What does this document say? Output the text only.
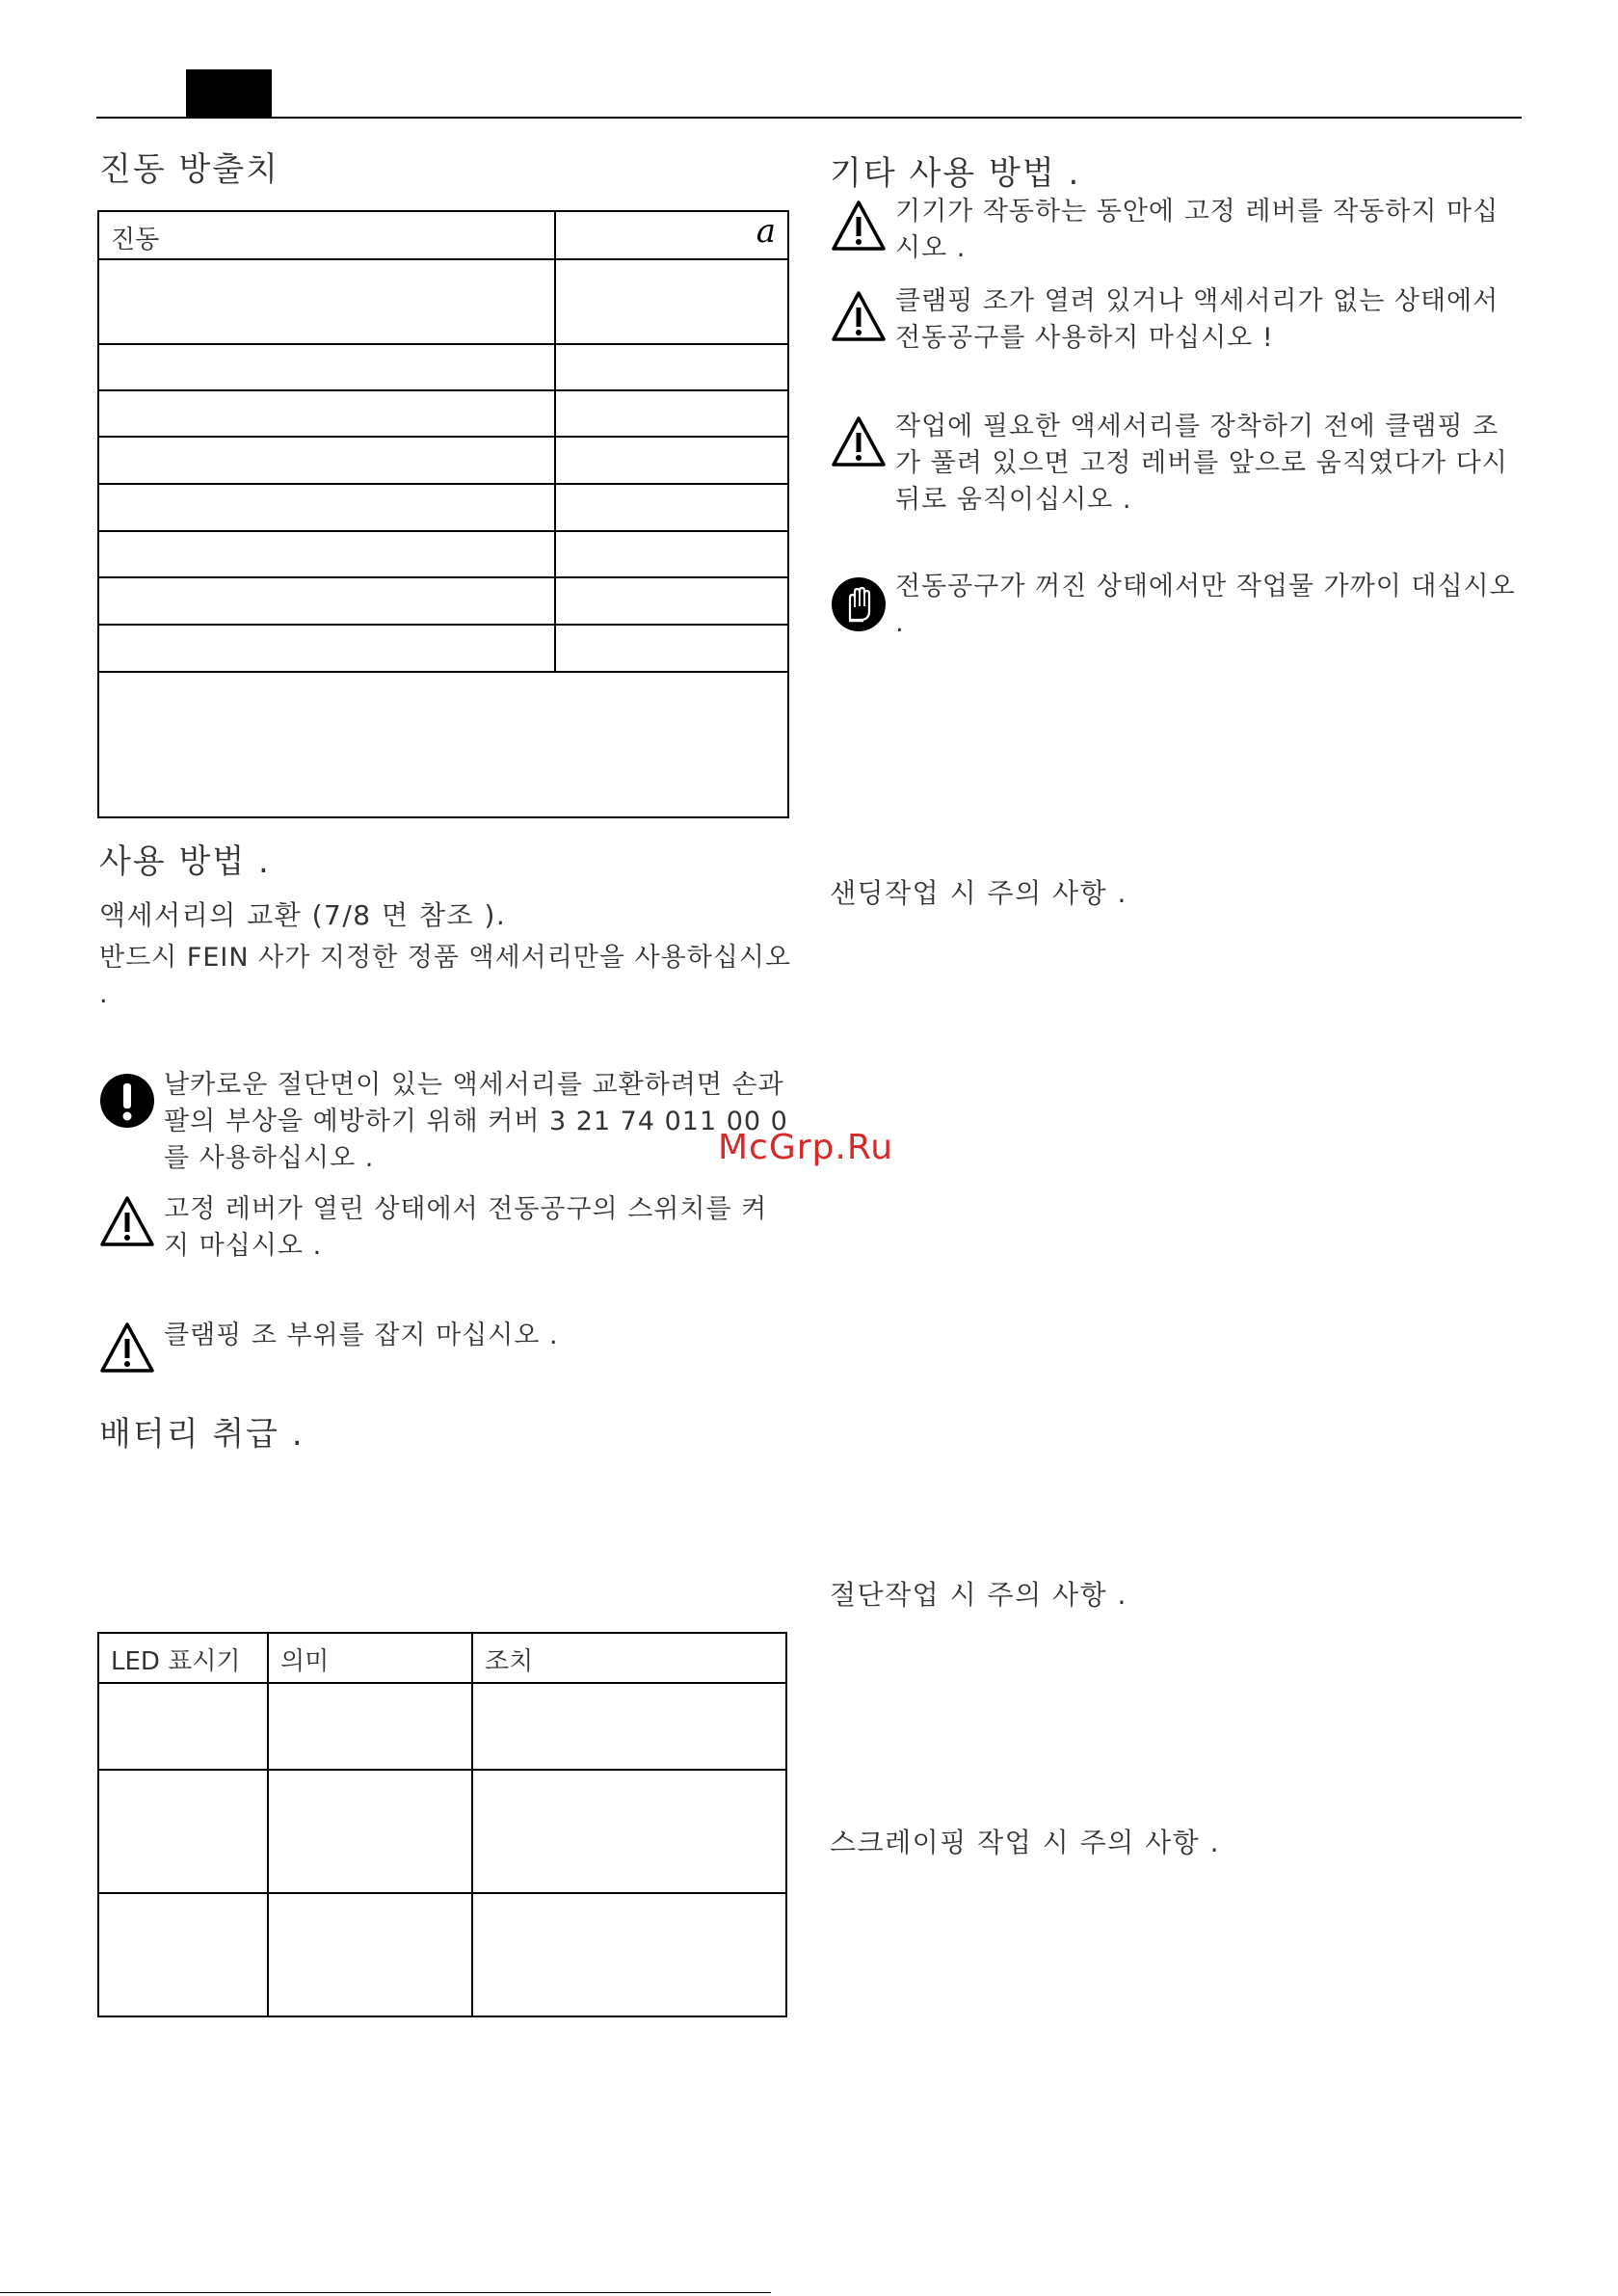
진동 방출치
진동	a

사용 방법 .
액세서리의 교환 (7/8 면 참조 ).
반드시 FEIN 사가 지정한 정품 액세서리만을 사용하십시오 .
날카로운 절단면이 있는 액세서리를 교환하려면 손과 팔의 부상을 예방하기 위해 커버 3 21 74 011 00 0 를 사용하십시오 .
고정 레버가 열린 상태에서 전동공구의 스위치를 켜지 마십시오 .
클램핑 조 부위를 잡지 마십시오 .
배터리 취급 .
LED 표시기	의미	조치

기타 사용 방법 .
기기가 작동하는 동안에 고정 레버를 작동하지 마십시오 .
클램핑 조가 열려 있거나 액세서리가 없는 상태에서 전동공구를 사용하지 마십시오 !
작업에 필요한 액세서리를 장착하기 전에 클램핑 조가 풀려 있으면 고정 레버를 앞으로 움직였다가 다시 뒤로 움직이십시오 .
전동공구가 꺼진 상태에서만 작업물 가까이 대십시오 .
샌딩작업 시 주의 사항 .
McGrp.Ru
절단작업 시 주의 사항 .
스크레이핑 작업 시 주의 사항 .
